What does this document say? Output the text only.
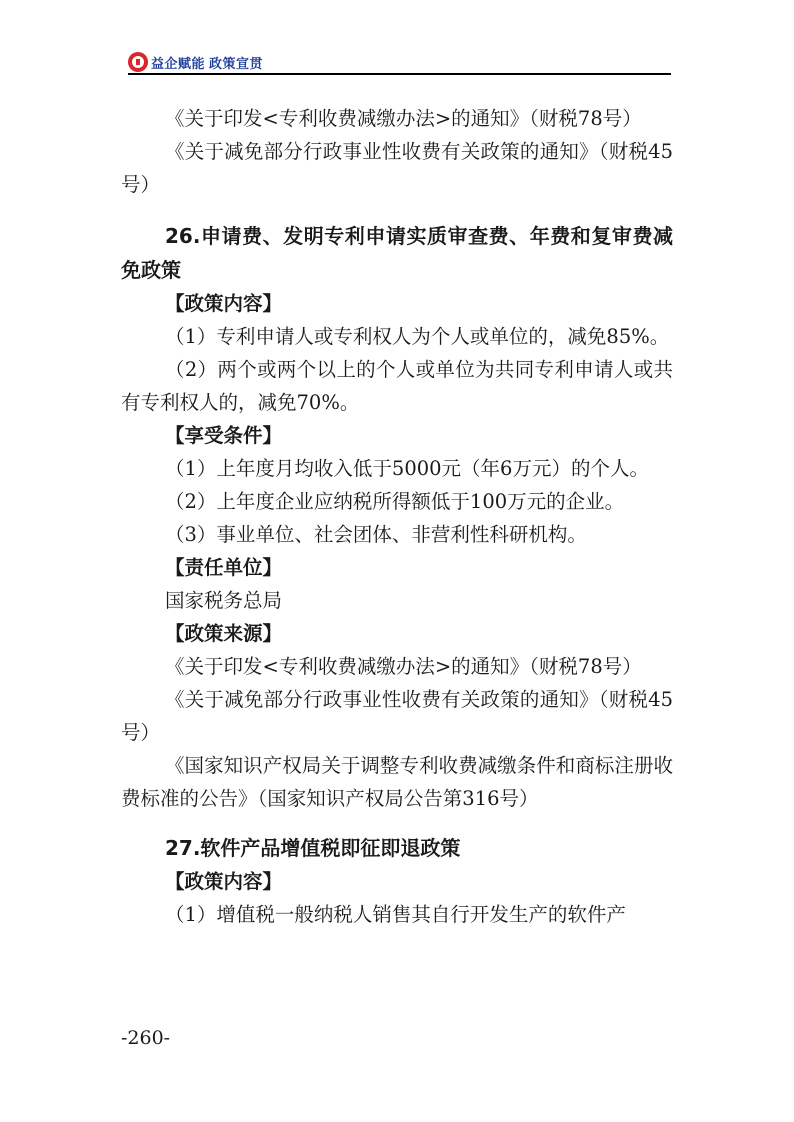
益企赋能 政策宣贯

《关于印发<专利收费减缴办法>的通知》（财税78号）

《关于减免部分行政事业性收费有关政策的通知》（财税45号）

26.申请费、发明专利申请实质审查费、年费和复审费减免政策

【政策内容】

（1）专利申请人或专利权人为个人或单位的，减免85%。

（2）两个或两个以上的个人或单位为共同专利申请人或共有专利权人的，减免70%。

【享受条件】

（1）上年度月均收入低于5000元（年6万元）的个人。

（2）上年度企业应纳税所得额低于100万元的企业。

（3）事业单位、社会团体、非营利性科研机构。

【责任单位】

国家税务总局

【政策来源】

《关于印发<专利收费减缴办法>的通知》（财税78号）

《关于减免部分行政事业性收费有关政策的通知》（财税45号）

《国家知识产权局关于调整专利收费减缴条件和商标注册收费标准的公告》（国家知识产权局公告第316号）

27.软件产品增值税即征即退政策

【政策内容】

（1）增值税一般纳税人销售其自行开发生产的软件产

-260-
